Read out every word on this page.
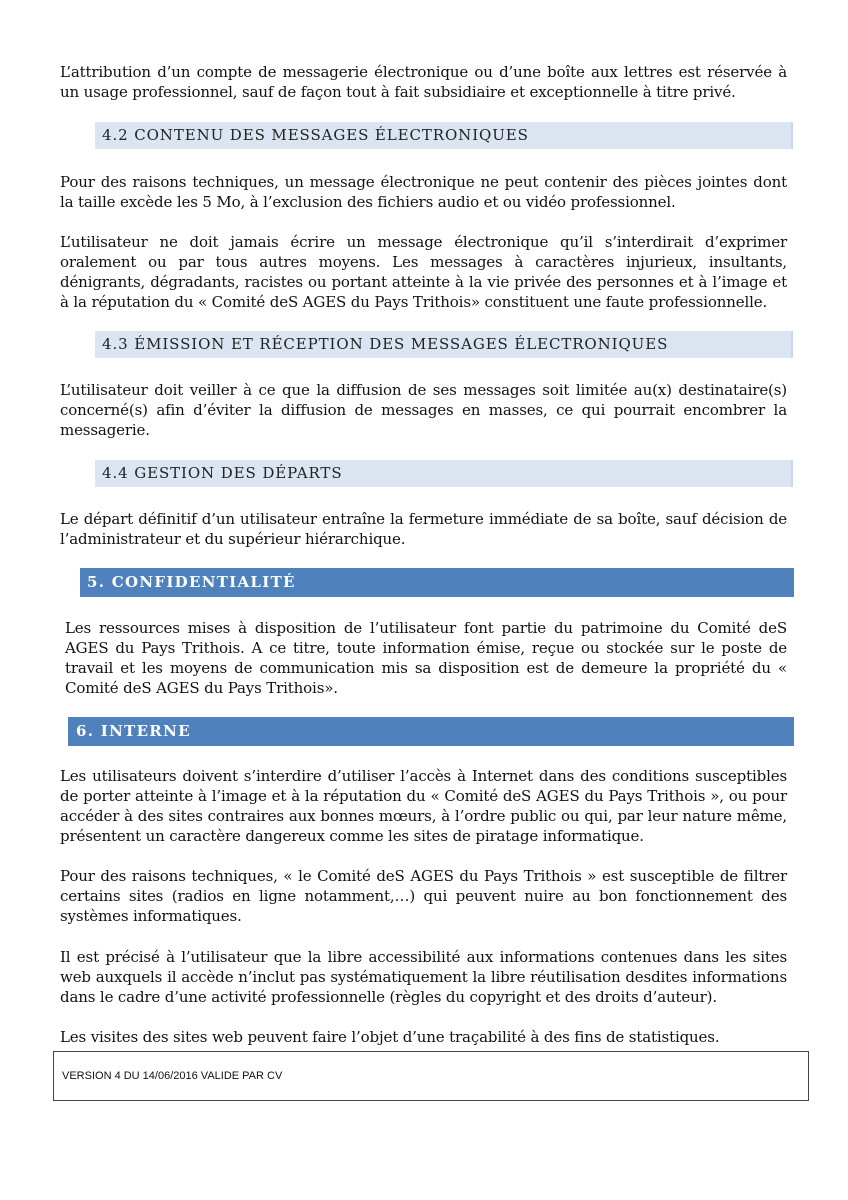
L’attribution d’un compte de messagerie électronique ou d’une boîte aux lettres est réservée à un usage professionnel, sauf de façon tout à fait subsidiaire et exceptionnelle à titre privé.

4.2 CONTENU DES MESSAGES ÉLECTRONIQUES

Pour des raisons techniques, un message électronique ne peut contenir des pièces jointes dont la taille excède les 5 Mo, à l’exclusion des fichiers audio et ou vidéo professionnel.

L’utilisateur ne doit jamais écrire un message électronique qu’il s’interdirait d’exprimer oralement ou par tous autres moyens. Les messages à caractères injurieux, insultants, dénigrants, dégradants, racistes ou portant atteinte à la vie privée des personnes et à l’image et à la réputation du « Comité deS AGES du Pays Trithois» constituent une faute professionnelle.

4.3 ÉMISSION ET RÉCEPTION DES MESSAGES ÉLECTRONIQUES

L’utilisateur doit veiller à ce que la diffusion de ses messages soit limitée au(x) destinataire(s) concerné(s) afin d’éviter la diffusion de messages en masses, ce qui pourrait encombrer la messagerie.

4.4 GESTION DES DÉPARTS

Le départ définitif d’un utilisateur entraîne la fermeture immédiate de sa boîte, sauf décision de l’administrateur et du supérieur hiérarchique.

5. CONFIDENTIALITÉ

Les ressources mises à disposition de l’utilisateur font partie du patrimoine du Comité deS AGES du Pays Trithois. A ce titre, toute information émise, reçue ou stockée sur le poste de travail et les moyens de communication mis sa disposition est de demeure la propriété du « Comité deS AGES du Pays Trithois».

6. INTERNE

Les utilisateurs doivent s’interdire d’utiliser l’accès à Internet dans des conditions susceptibles de porter atteinte à l’image et à la réputation du « Comité deS AGES du Pays Trithois », ou pour accéder à des sites contraires aux bonnes mœurs, à l’ordre public ou qui, par leur nature même, présentent un caractère dangereux comme les sites de piratage informatique.

Pour des raisons techniques, « le Comité deS AGES du Pays Trithois » est susceptible de filtrer certains sites (radios en ligne notamment,…) qui peuvent nuire au bon fonctionnement des systèmes informatiques.

Il est précisé à l’utilisateur que la libre accessibilité aux informations contenues dans les sites web auxquels il accède n’inclut pas systématiquement la libre réutilisation desdites informations dans le cadre d’une activité professionnelle (règles du copyright et des droits d’auteur).

Les visites des sites web peuvent faire l’objet d’une traçabilité à des fins de statistiques.

VERSION 4 DU 14/06/2016 VALIDE PAR CV
